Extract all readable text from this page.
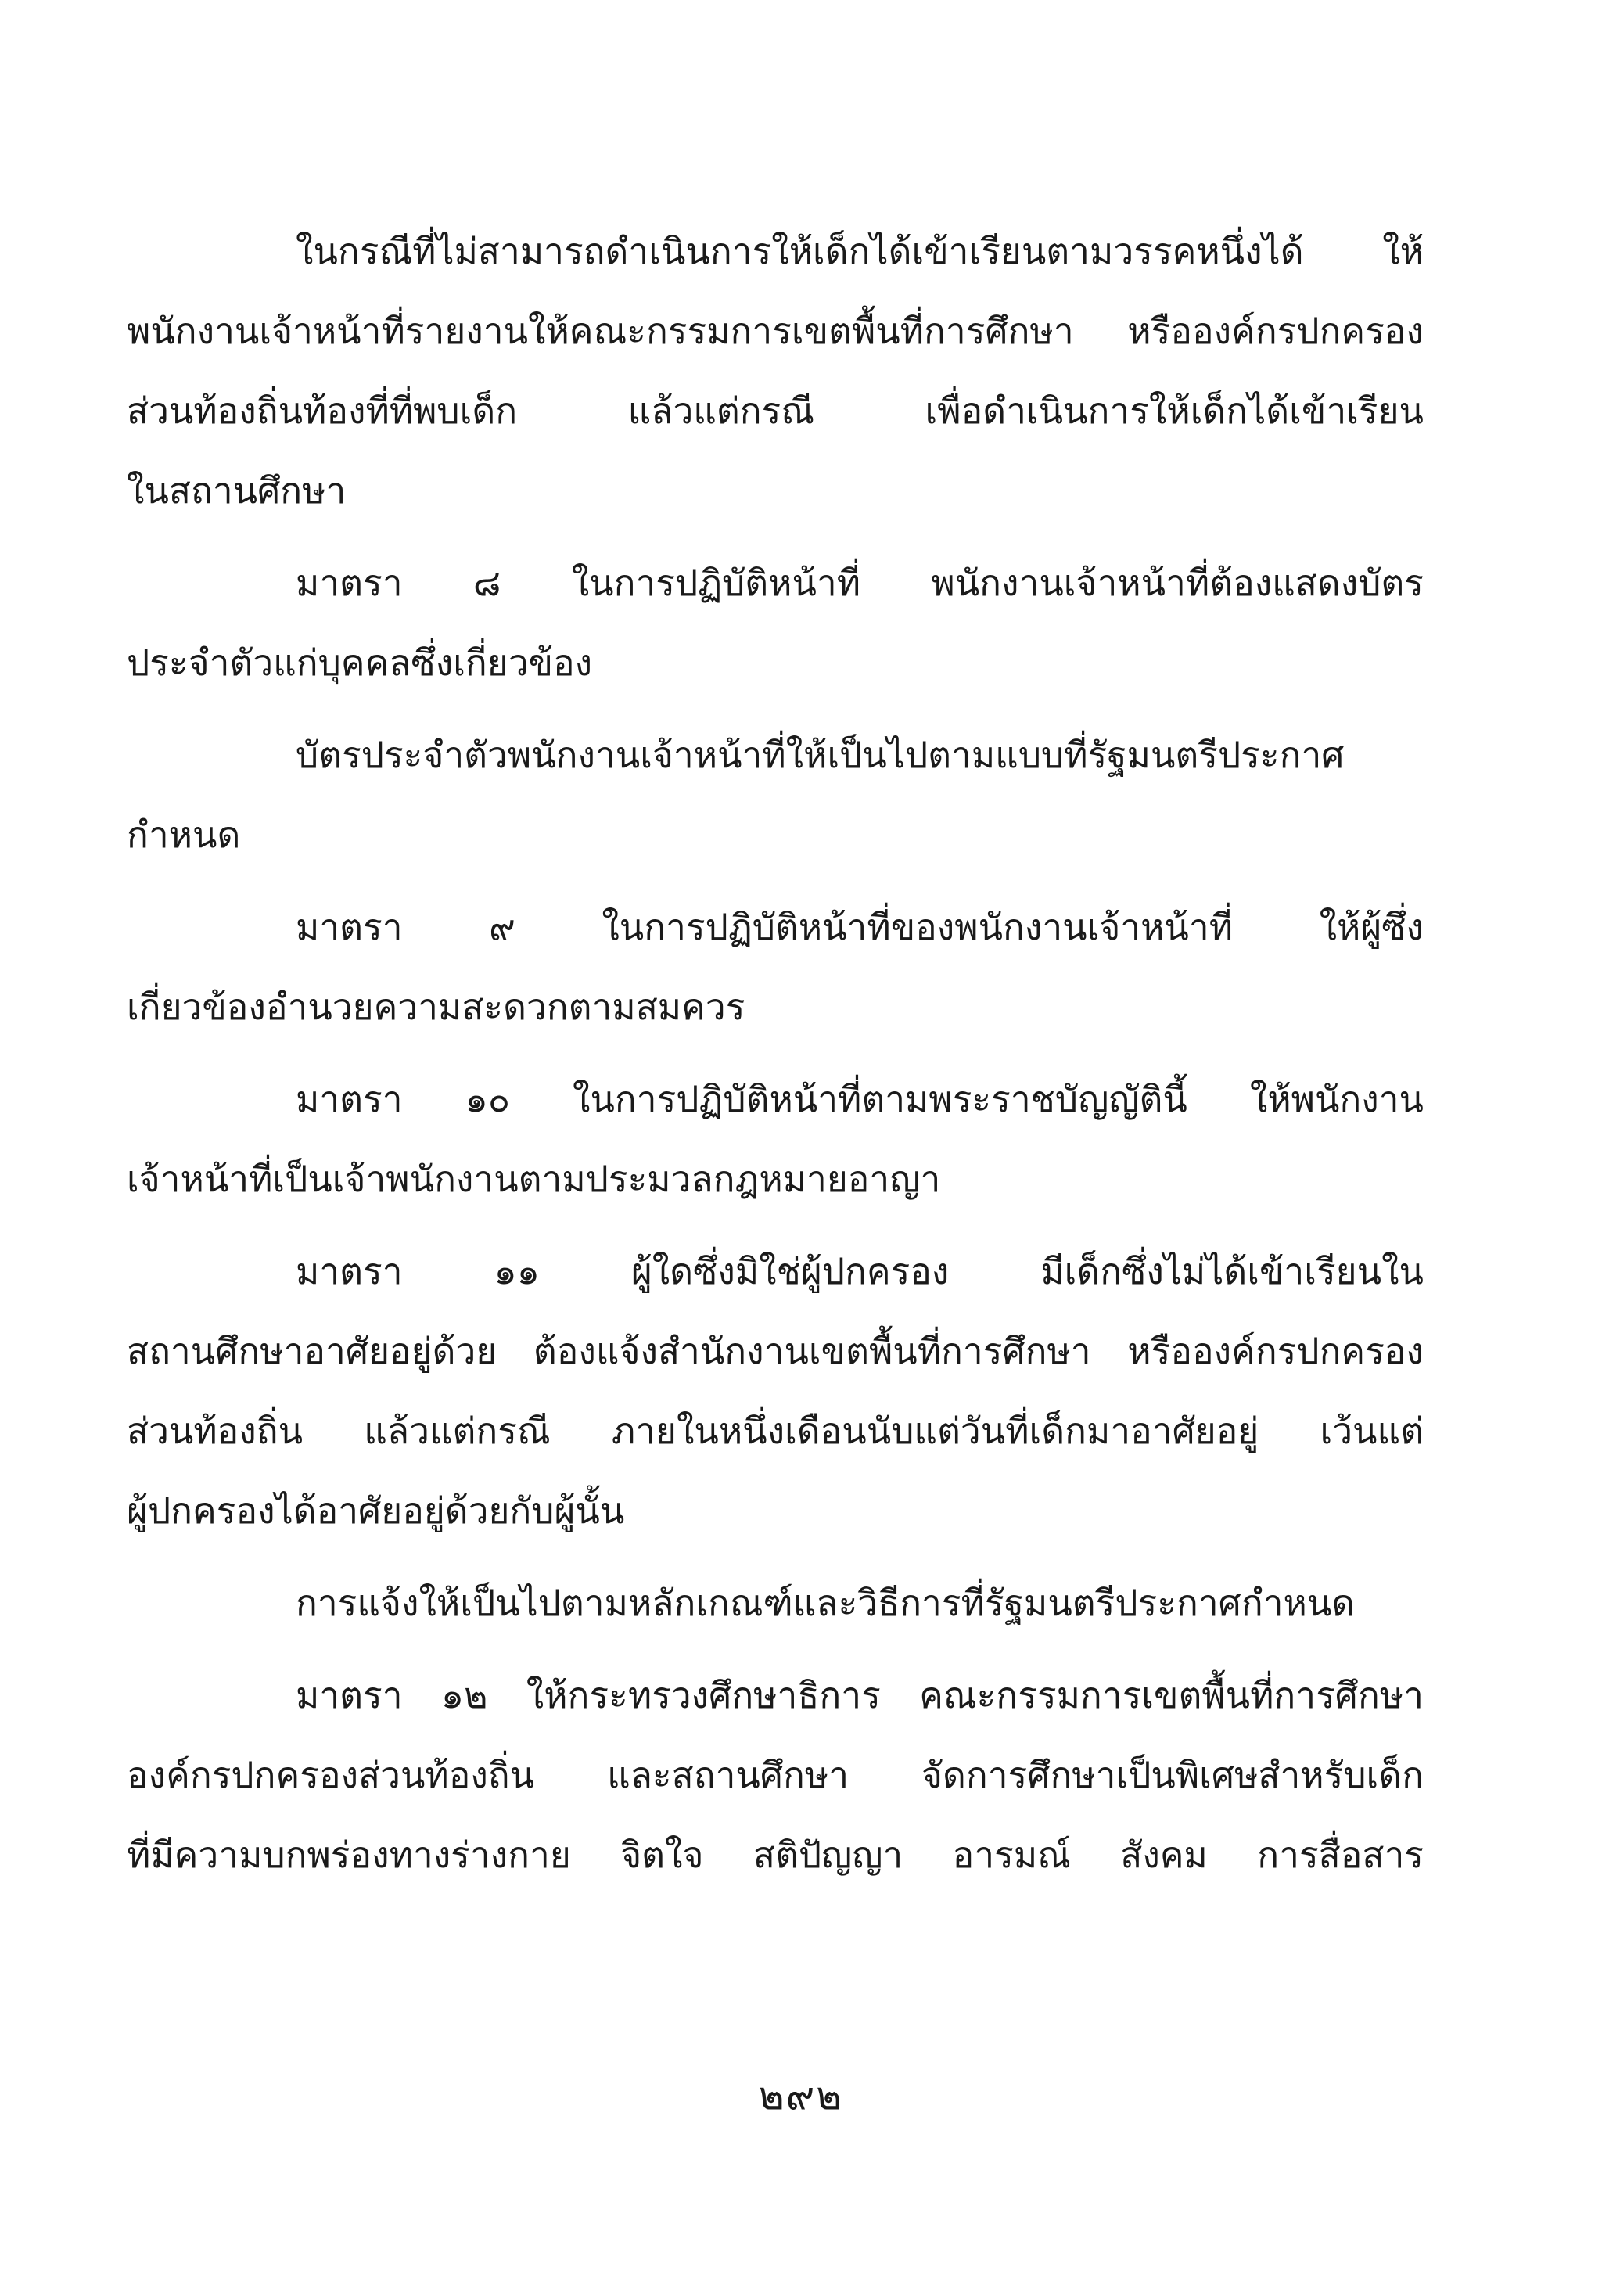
ในกรณีที่ไม่สามารถดำเนินการให้เด็กได้เข้าเรียนตามวรรคหนึ่งได้ ให้
พนักงานเจ้าหน้าที่รายงานให้คณะกรรมการเขตพื้นที่การศึกษา หรือองค์กรปกครอง
ส่วนท้องถิ่นท้องที่ที่พบเด็ก แล้วแต่กรณี เพื่อดำเนินการให้เด็กได้เข้าเรียน
ในสถานศึกษา

มาตรา ๘ ในการปฏิบัติหน้าที่ พนักงานเจ้าหน้าที่ต้องแสดงบัตร
ประจำตัวแก่บุคคลซึ่งเกี่ยวข้อง

บัตรประจำตัวพนักงานเจ้าหน้าที่ให้เป็นไปตามแบบที่รัฐมนตรีประกาศ
กำหนด

มาตรา ๙ ในการปฏิบัติหน้าที่ของพนักงานเจ้าหน้าที่ ให้ผู้ซึ่ง
เกี่ยวข้องอำนวยความสะดวกตามสมควร

มาตรา ๑๐ ในการปฏิบัติหน้าที่ตามพระราชบัญญัตินี้ ให้พนักงาน
เจ้าหน้าที่เป็นเจ้าพนักงานตามประมวลกฎหมายอาญา

มาตรา ๑๑ ผู้ใดซึ่งมิใช่ผู้ปกครอง มีเด็กซึ่งไม่ได้เข้าเรียนใน
สถานศึกษาอาศัยอยู่ด้วย ต้องแจ้งสำนักงานเขตพื้นที่การศึกษา หรือองค์กรปกครอง
ส่วนท้องถิ่น แล้วแต่กรณี ภายในหนึ่งเดือนนับแต่วันที่เด็กมาอาศัยอยู่ เว้นแต่
ผู้ปกครองได้อาศัยอยู่ด้วยกับผู้นั้น

การแจ้งให้เป็นไปตามหลักเกณฑ์และวิธีการที่รัฐมนตรีประกาศกำหนด

มาตรา ๑๒ ให้กระทรวงศึกษาธิการ คณะกรรมการเขตพื้นที่การศึกษา
องค์กรปกครองส่วนท้องถิ่น และสถานศึกษา จัดการศึกษาเป็นพิเศษสำหรับเด็ก
ที่มีความบกพร่องทางร่างกาย จิตใจ สติปัญญา อารมณ์ สังคม การสื่อสาร

๒๙๒
